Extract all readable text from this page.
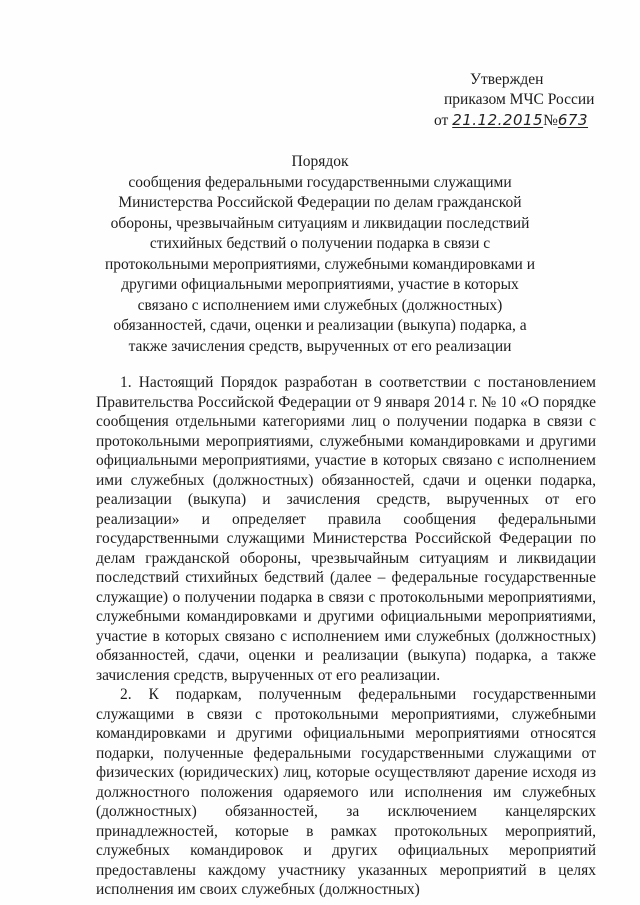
Утвержден
приказом МЧС России
от 21.12.2015№673
Порядок
сообщения федеральными государственными служащими Министерства Российской Федерации по делам гражданской обороны, чрезвычайным ситуациям и ликвидации последствий стихийных бедствий о получении подарка в связи с протокольными мероприятиями, служебными командировками и другими официальными мероприятиями, участие в которых связано с исполнением ими служебных (должностных) обязанностей, сдачи, оценки и реализации (выкупа) подарка, а также зачисления средств, вырученных от его реализации

1. Настоящий Порядок разработан в соответствии с постановлением Правительства Российской Федерации от 9 января 2014 г. № 10 «О порядке сообщения отдельными категориями лиц о получении подарка в связи с протокольными мероприятиями, служебными командировками и другими официальными мероприятиями, участие в которых связано с исполнением ими служебных (должностных) обязанностей, сдачи и оценки подарка, реализации (выкупа) и зачисления средств, вырученных от его реализации» и определяет правила сообщения федеральными государственными служащими Министерства Российской Федерации по делам гражданской обороны, чрезвычайным ситуациям и ликвидации последствий стихийных бедствий (далее – федеральные государственные служащие) о получении подарка в связи с протокольными мероприятиями, служебными командировками и другими официальными мероприятиями, участие в которых связано с исполнением ими служебных (должностных) обязанностей, сдачи, оценки и реализации (выкупа) подарка, а также зачисления средств, вырученных от его реализации.

2. К подаркам, полученным федеральными государственными служащими в связи с протокольными мероприятиями, служебными командировками и другими официальными мероприятиями относятся подарки, полученные федеральными государственными служащими от физических (юридических) лиц, которые осуществляют дарение исходя из должностного положения одаряемого или исполнения им служебных (должностных) обязанностей, за исключением канцелярских принадлежностей, которые в рамках протокольных мероприятий, служебных командировок и других официальных мероприятий предоставлены каждому участнику указанных мероприятий в целях исполнения им своих служебных (должностных)
